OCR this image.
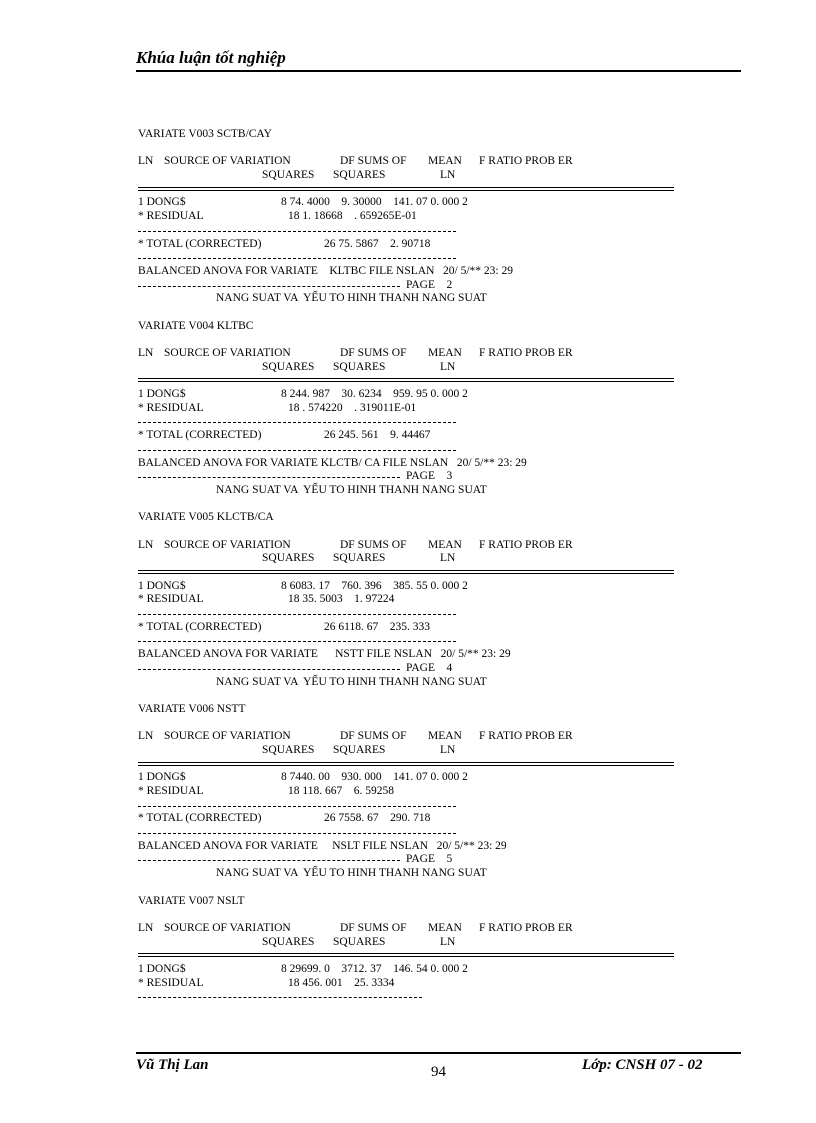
Khúa luận tốt nghiệp
VARIATE V003 SCTB/CAY
LN SOURCE OF VARIATION	DF SUMS OF MEAN F RATIO PROB ER
SQUARES SQUARES	LN
1 DONG$	8 74. 4000    9. 30000    141. 07 0. 000 2
* RESIDUAL	18 1. 18668    . 659265E-01
* TOTAL (CORRECTED)	26 75. 5867    2. 90718
BALANCED ANOVA FOR VARIATE    KLTBC FILE NSLAN   20/ 5/** 23: 29
PAGE    2
NANG SUAT VA  YẾU TO HINH THANH NANG SUAT
VARIATE V004 KLTBC
LN SOURCE OF VARIATION	DF SUMS OF MEAN F RATIO PROB ER
SQUARES SQUARES	LN
1 DONG$	8 244. 987    30. 6234    959. 95 0. 000 2
* RESIDUAL	18 . 574220    . 319011E-01
* TOTAL (CORRECTED)	26 245. 561    9. 44467
BALANCED ANOVA FOR VARIATE KLCTB/ CA FILE NSLAN   20/ 5/** 23: 29
PAGE    3
NANG SUAT VA  YẾU TO HINH THANH NANG SUAT
VARIATE V005 KLCTB/CA
LN SOURCE OF VARIATION	DF SUMS OF MEAN F RATIO PROB ER
SQUARES SQUARES	LN
1 DONG$	8 6083. 17    760. 396    385. 55 0. 000 2
* RESIDUAL	18 35. 5003    1. 97224
* TOTAL (CORRECTED)	26 6118. 67    235. 333
BALANCED ANOVA FOR VARIATE      NSTT FILE NSLAN   20/ 5/** 23: 29
PAGE    4
NANG SUAT VA  YẾU TO HINH THANH NANG SUAT
VARIATE V006 NSTT
LN SOURCE OF VARIATION	DF SUMS OF MEAN F RATIO PROB ER
SQUARES SQUARES	LN
1 DONG$	8 7440. 00    930. 000    141. 07 0. 000 2
* RESIDUAL	18 118. 667    6. 59258
* TOTAL (CORRECTED)	26 7558. 67    290. 718
BALANCED ANOVA FOR VARIATE     NSLT FILE NSLAN   20/ 5/** 23: 29
PAGE    5
NANG SUAT VA  YẾU TO HINH THANH NANG SUAT
VARIATE V007 NSLT
LN SOURCE OF VARIATION	DF SUMS OF MEAN F RATIO PROB ER
SQUARES SQUARES	LN
1 DONG$	8 29699. 0    3712. 37    146. 54 0. 000 2
* RESIDUAL	18 456. 001    25. 3334
Vũ Thị Lan	94	Lớp: CNSH 07 - 02
